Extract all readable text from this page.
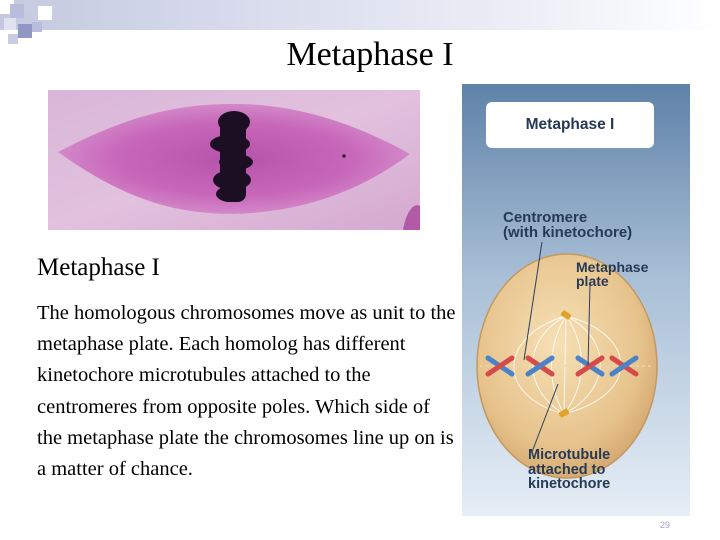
Metaphase I
Metaphase I
The homologous chromosomes move as unit to the metaphase plate. Each homolog has different kinetochore microtubules attached to the centromeres from opposite poles. Which side of the metaphase plate the chromosomes line up on is a matter of chance.
Metaphase I
Centromere
(with kinetochore)
Metaphase
plate
Microtubule
attached to
kinetochore
29
